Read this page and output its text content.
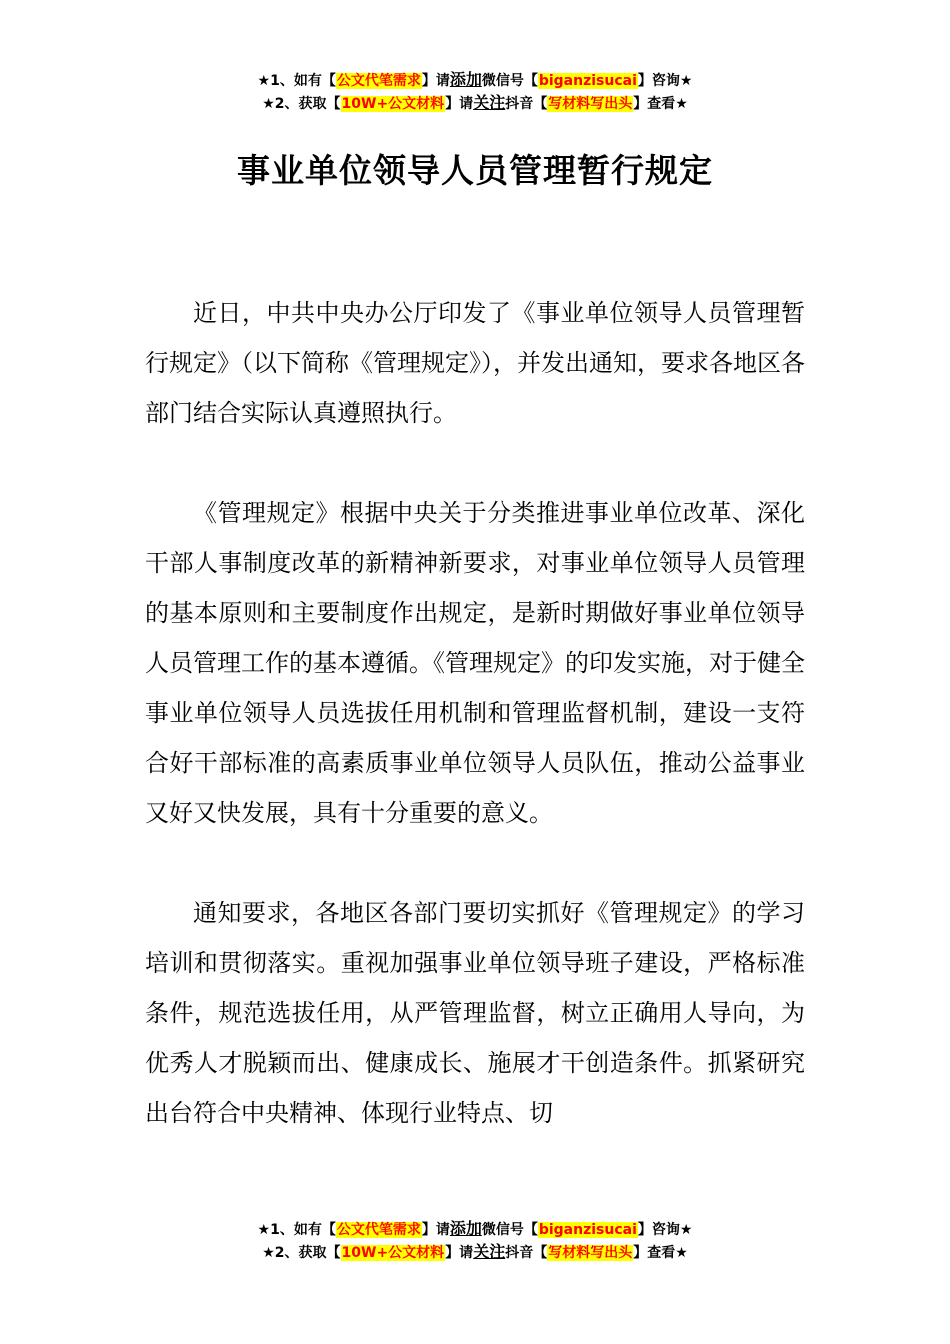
★1、如有【公文代笔需求】请添加微信号【biganzisucai】咨询★
★2、获取【10W+公文材料】请关注抖音【写材料写出头】查看★
事业单位领导人员管理暂行规定

近日，中共中央办公厅印发了《事业单位领导人员管理暂行规定》（以下简称《管理规定》），并发出通知，要求各地区各部门结合实际认真遵照执行。

《管理规定》根据中央关于分类推进事业单位改革、深化干部人事制度改革的新精神新要求，对事业单位领导人员管理的基本原则和主要制度作出规定，是新时期做好事业单位领导人员管理工作的基本遵循。《管理规定》的印发实施，对于健全事业单位领导人员选拔任用机制和管理监督机制，建设一支符合好干部标准的高素质事业单位领导人员队伍，推动公益事业又好又快发展，具有十分重要的意义。

通知要求，各地区各部门要切实抓好《管理规定》的学习培训和贯彻落实。重视加强事业单位领导班子建设，严格标准条件，规范选拔任用，从严管理监督，树立正确用人导向，为优秀人才脱颖而出、健康成长、施展才干创造条件。抓紧研究出台符合中央精神、体现行业特点、切

★1、如有【公文代笔需求】请添加微信号【biganzisucai】咨询★
★2、获取【10W+公文材料】请关注抖音【写材料写出头】查看★
